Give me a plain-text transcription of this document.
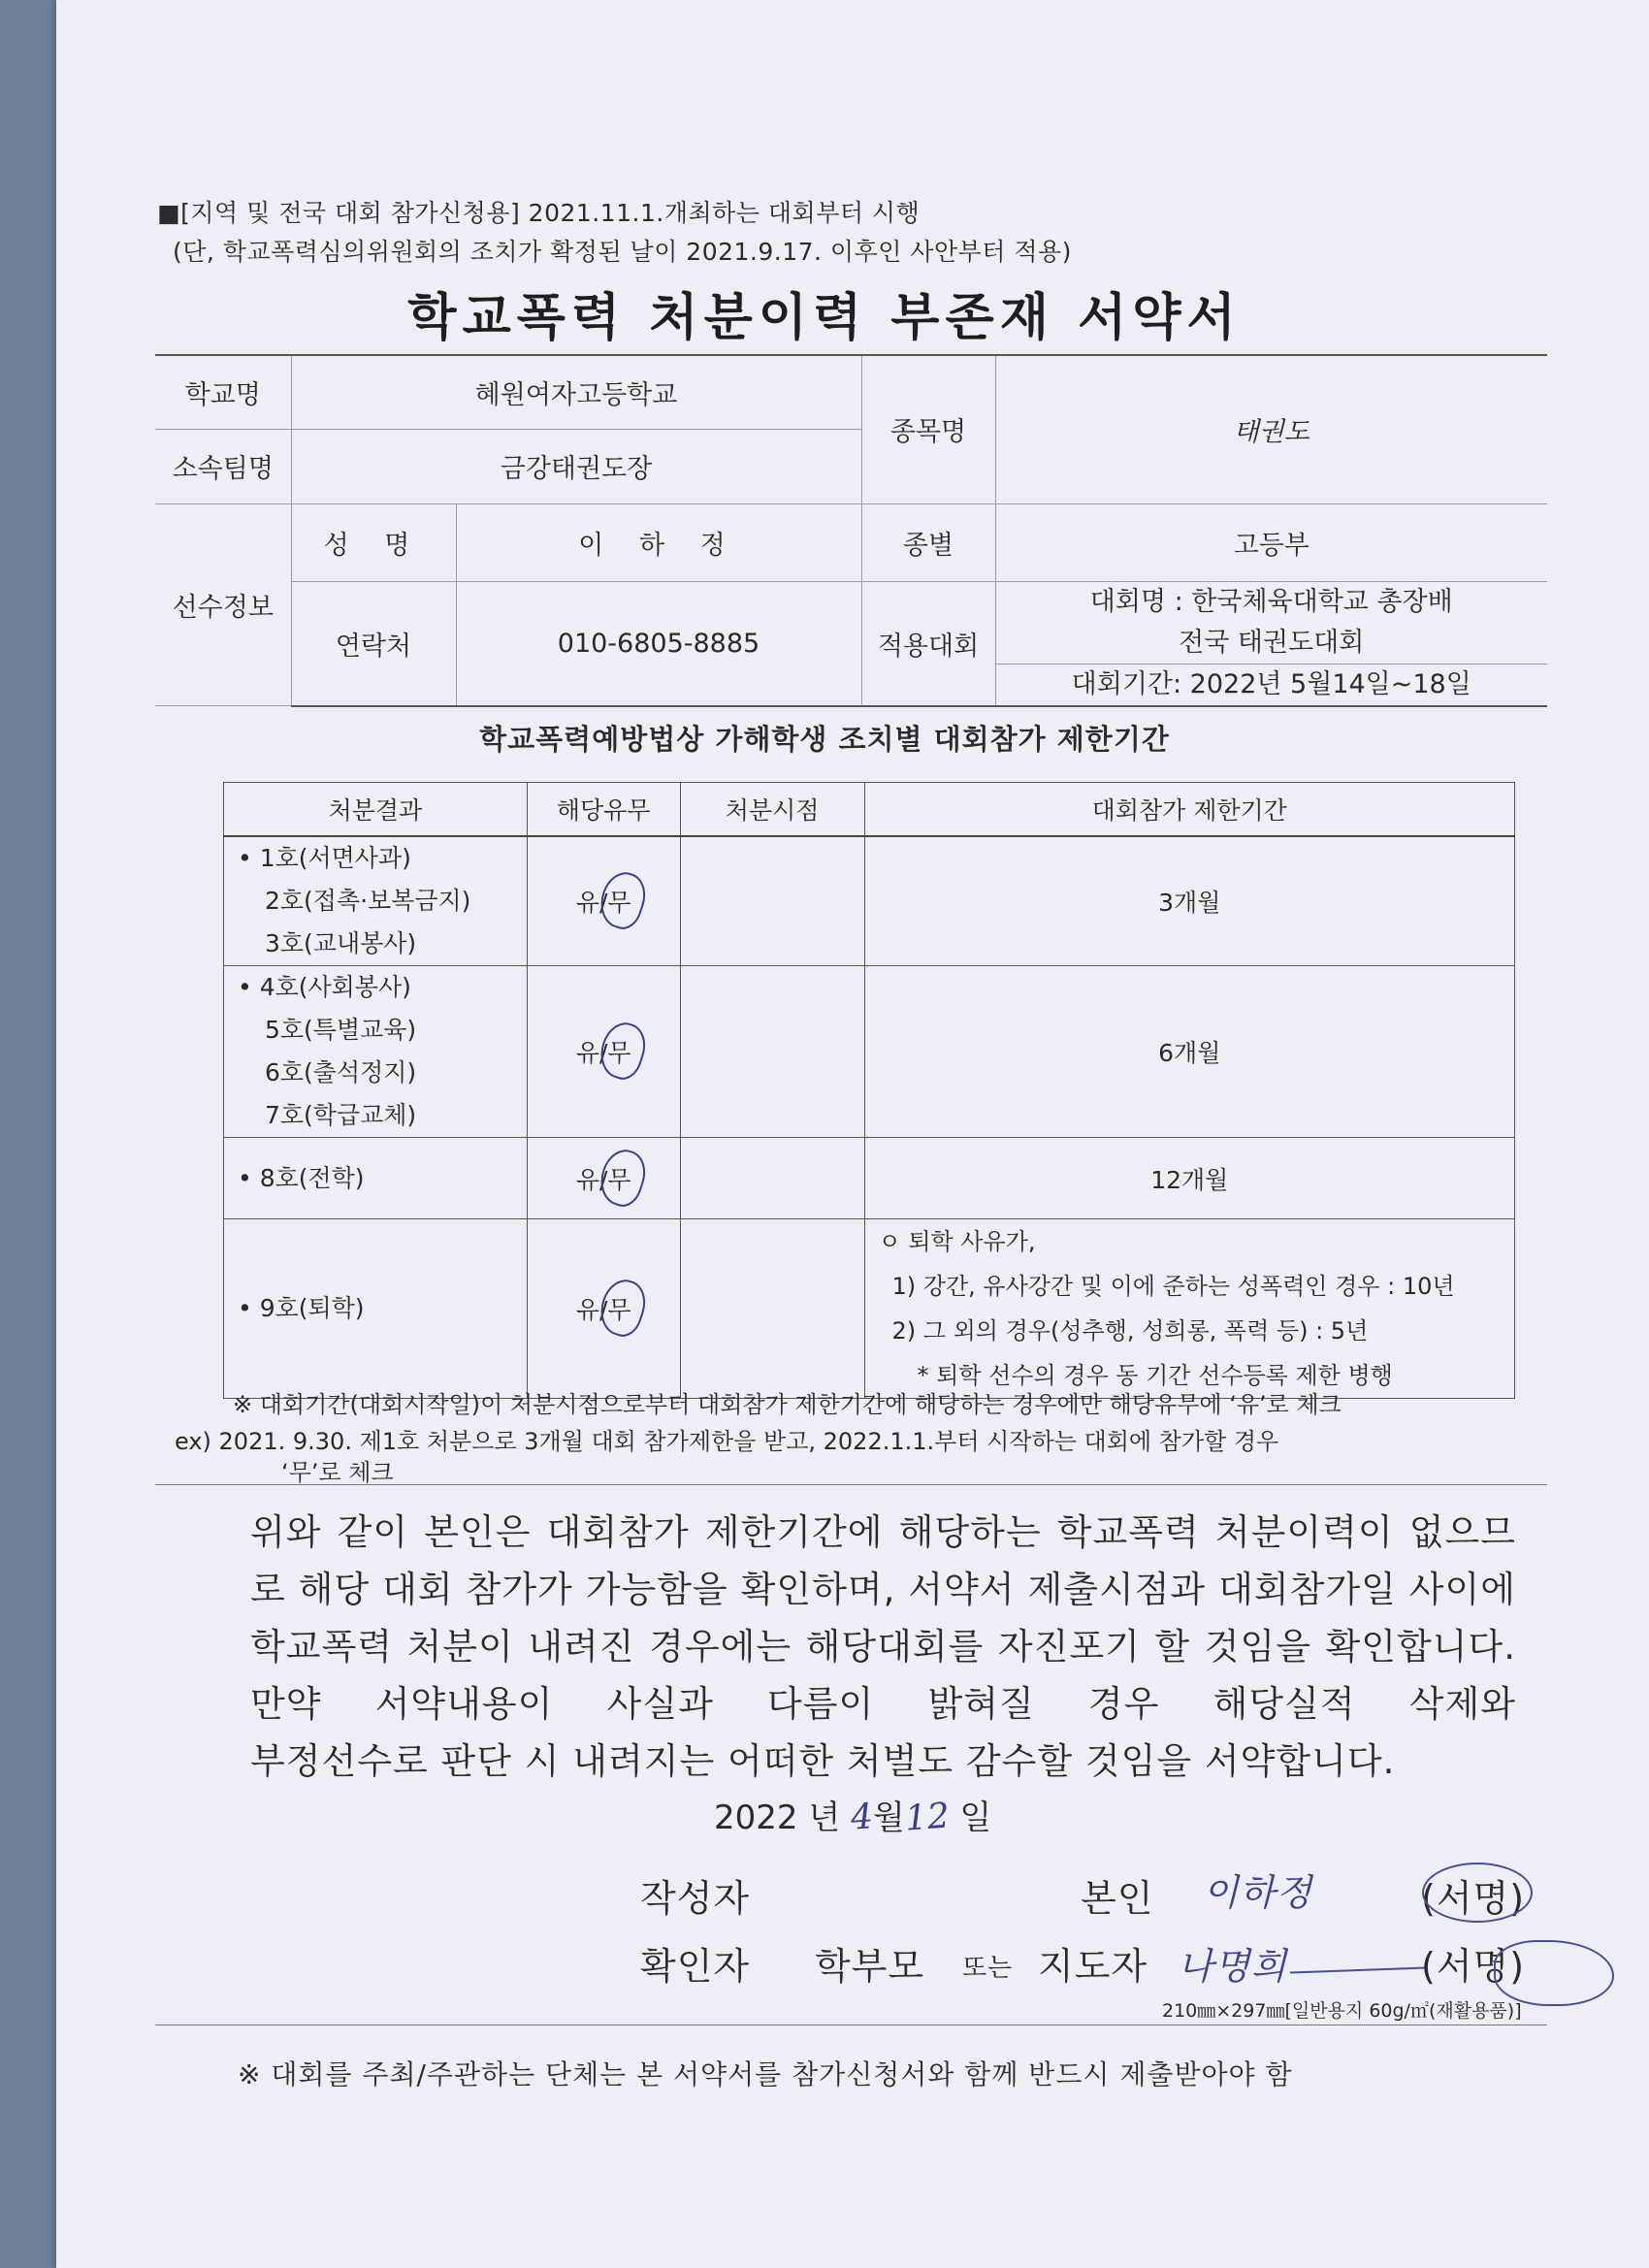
■[지역 및 전국 대회 참가신청용] 2021.11.1.개최하는 대회부터 시행
(단, 학교폭력심의위원회의 조치가 확정된 날이 2021.9.17. 이후인 사안부터 적용)
학교폭력 처분이력 부존재 서약서
학교명	혜원여자고등학교		종목명	태권도
소속팀명	금강태권도장			
선수정보	성 명	이 하 정	종별	고등부
	연락처	010-6805-8885	적용대회	대회명 : 한국체육대학교 총장배
전국 태권도대회
대회기간: 2022년 5월14일~18일
학교폭력예방법상 가해학생 조치별 대회참가 제한기간
처분결과	해당유무	처분시점	대회참가 제한기간

• 1호(서면사과)
2호(접촉·보복금지)
3호(교내봉사)	유/무		3개월

• 4호(사회봉사)
5호(특별교육)
6호(출석정지)
7호(학급교체)	유/무		6개월

• 8호(전학)	유/무		12개월

• 9호(퇴학)	유/무		ㅇ 퇴학 사유가,
1) 강간, 유사강간 및 이에 준하는 성폭력인 경우 : 10년
2) 그 외의 경우(성추행, 성희롱, 폭력 등) : 5년
* 퇴학 선수의 경우 동 기간 선수등록 제한 병행
※ 대회기간(대회시작일)이 처분시점으로부터 대회참가 제한기간에 해당하는 경우에만 해당유무에 ‘유’로 체크
ex) 2021. 9.30. 제1호 처분으로 3개월 대회 참가제한을 받고, 2022.1.1.부터 시작하는 대회에 참가할 경우
‘무’로 체크
위와 같이 본인은 대회참가 제한기간에 해당하는 학교폭력 처분이력이 없으므로 해당 대회 참가가 가능함을 확인하며, 서약서 제출시점과 대회참가일 사이에 학교폭력 처분이 내려진 경우에는 해당대회를 자진포기 할 것임을 확인합니다. 만약 서약내용이 사실과 다름이 밝혀질 경우 해당실적 삭제와
부정선수로 판단 시 내려지는 어떠한 처벌도 감수할 것임을 서약합니다.
2022 년 4월12 일
작성자	본인 이하정	(서명)
확인자 학부모 또는 지도자 나명희	(서명)
210㎜×297㎜[일반용지 60g/㎡(재활용품)]
※ 대회를 주최/주관하는 단체는 본 서약서를 참가신청서와 함께 반드시 제출받아야 함
